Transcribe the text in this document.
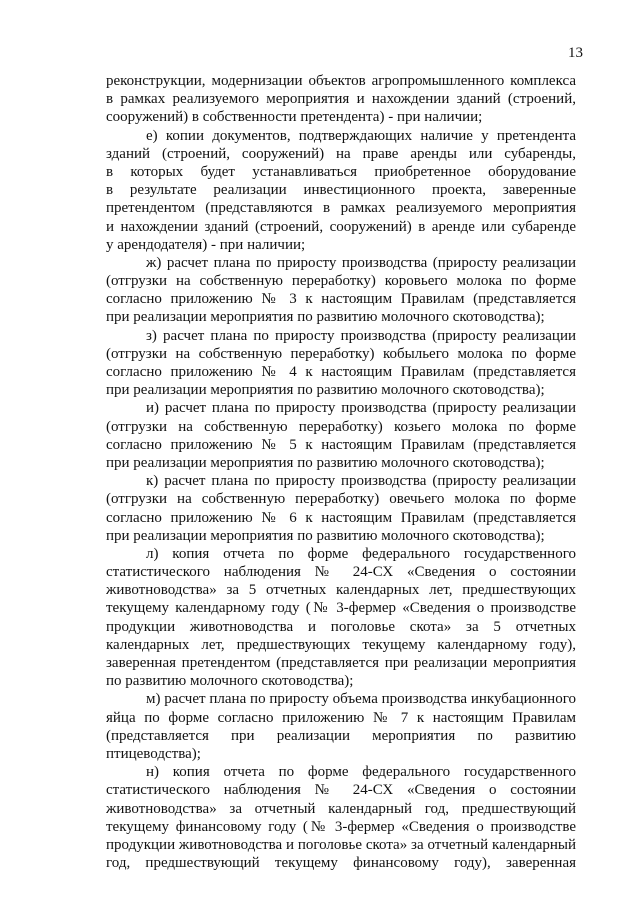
13
реконструкции, модернизации объектов агропромышленного комплекса
в рамках реализуемого мероприятия и нахождении зданий (строений,
сооружений) в собственности претендента) - при наличии;
е) копии документов, подтверждающих наличие у претендента
зданий (строений, сооружений) на праве аренды или субаренды,
в которых будет устанавливаться приобретенное оборудование
в результате реализации инвестиционного проекта, заверенные
претендентом (представляются в рамках реализуемого мероприятия
и нахождении зданий (строений, сооружений) в аренде или субаренде
у арендодателя) - при наличии;
ж) расчет плана по приросту производства (приросту реализации
(отгрузки на собственную переработку) коровьего молока по форме
согласно приложению № 3 к настоящим Правилам (представляется
при реализации мероприятия по развитию молочного скотоводства);
з) расчет плана по приросту производства (приросту реализации
(отгрузки на собственную переработку) кобыльего молока по форме
согласно приложению № 4 к настоящим Правилам (представляется
при реализации мероприятия по развитию молочного скотоводства);
и) расчет плана по приросту производства (приросту реализации
(отгрузки на собственную переработку) козьего молока по форме
согласно приложению № 5 к настоящим Правилам (представляется
при реализации мероприятия по развитию молочного скотоводства);
к) расчет плана по приросту производства (приросту реализации
(отгрузки на собственную переработку) овечьего молока по форме
согласно приложению № 6 к настоящим Правилам (представляется
при реализации мероприятия по развитию молочного скотоводства);
л) копия отчета по форме федерального государственного
статистического наблюдения № 24-СХ «Сведения о состоянии
животноводства» за 5 отчетных календарных лет, предшествующих
текущему календарному году (№ 3-фермер «Сведения о производстве
продукции животноводства и поголовье скота» за 5 отчетных
календарных лет, предшествующих текущему календарному году),
заверенная претендентом (представляется при реализации мероприятия
по развитию молочного скотоводства);
м) расчет плана по приросту объема производства инкубационного
яйца по форме согласно приложению № 7 к настоящим Правилам
(представляется при реализации мероприятия по развитию
птицеводства);
н) копия отчета по форме федерального государственного
статистического наблюдения № 24-СХ «Сведения о состоянии
животноводства» за отчетный календарный год, предшествующий
текущему финансовому году (№ 3-фермер «Сведения о производстве
продукции животноводства и поголовье скота» за отчетный календарный
год, предшествующий текущему финансовому году), заверенная
